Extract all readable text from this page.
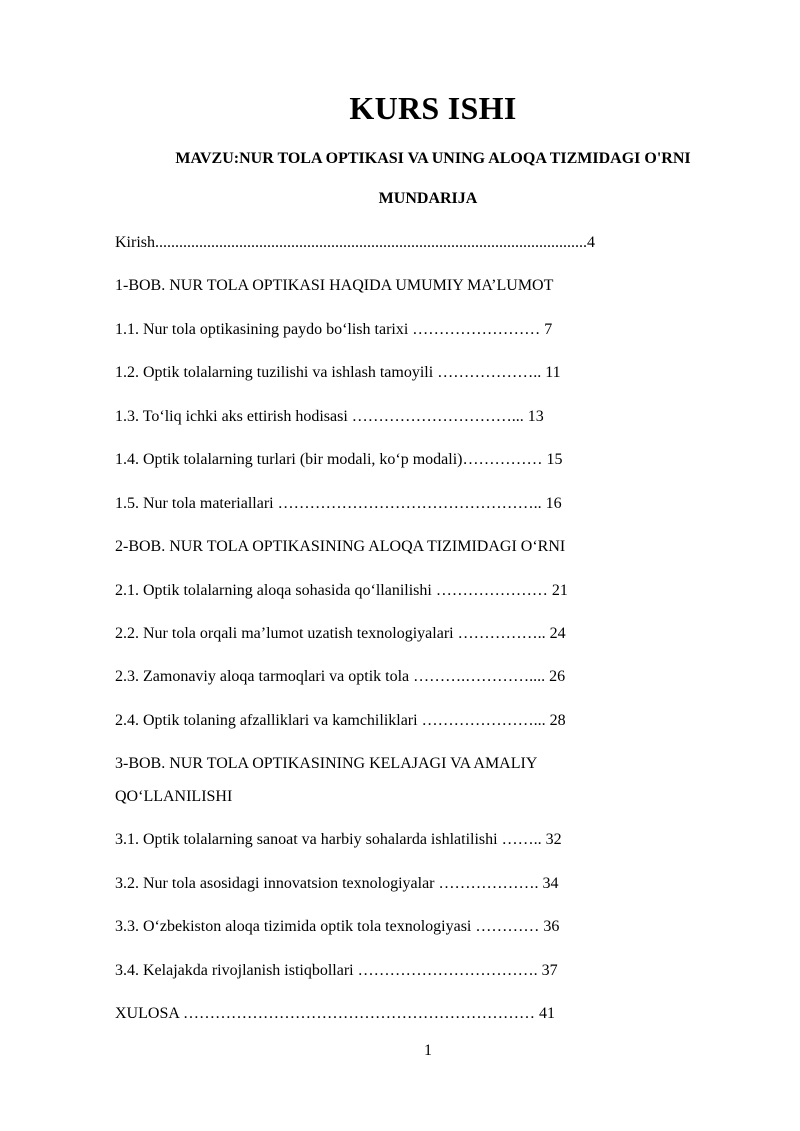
KURS ISHI
MAVZU:NUR TOLA OPTIKASI VA UNING ALOQA TIZMIDAGI O'RNI
MUNDARIJA
Kirish............................................................................................................4
1-BOB. NUR TOLA OPTIKASI HAQIDA UMUMIY MA’LUMOT
1.1. Nur tola optikasining paydo bo‘lish tarixi …………………… 7
1.2. Optik tolalarning tuzilishi va ishlash tamoyili ……………….. 11
1.3. To‘liq ichki aks ettirish hodisasi …………………………... 13
1.4. Optik tolalarning turlari (bir modali, ko‘p modali)…………… 15
1.5. Nur tola materiallari ………………………………………….. 16
2-BOB. NUR TOLA OPTIKASINING ALOQA TIZIMIDAGI O‘RNI
2.1. Optik tolalarning aloqa sohasida qo‘llanilishi ………………… 21
2.2. Nur tola orqali ma’lumot uzatish texnologiyalari …………….. 24
2.3. Zamonaviy aloqa tarmoqlari va optik tola ……….………….... 26
2.4. Optik tolaning afzalliklari va kamchiliklari …………………... 28
3-BOB. NUR TOLA OPTIKASINING KELAJAGI VA AMALIY
QO‘LLANILISHI
3.1. Optik tolalarning sanoat va harbiy sohalarda ishlatilishi …….. 32
3.2. Nur tola asosidagi innovatsion texnologiyalar ………………. 34
3.3. O‘zbekiston aloqa tizimida optik tola texnologiyasi ………… 36
3.4. Kelajakda rivojlanish istiqbollari ……………………………. 37
XULOSA ………………………………………………………… 41
1
